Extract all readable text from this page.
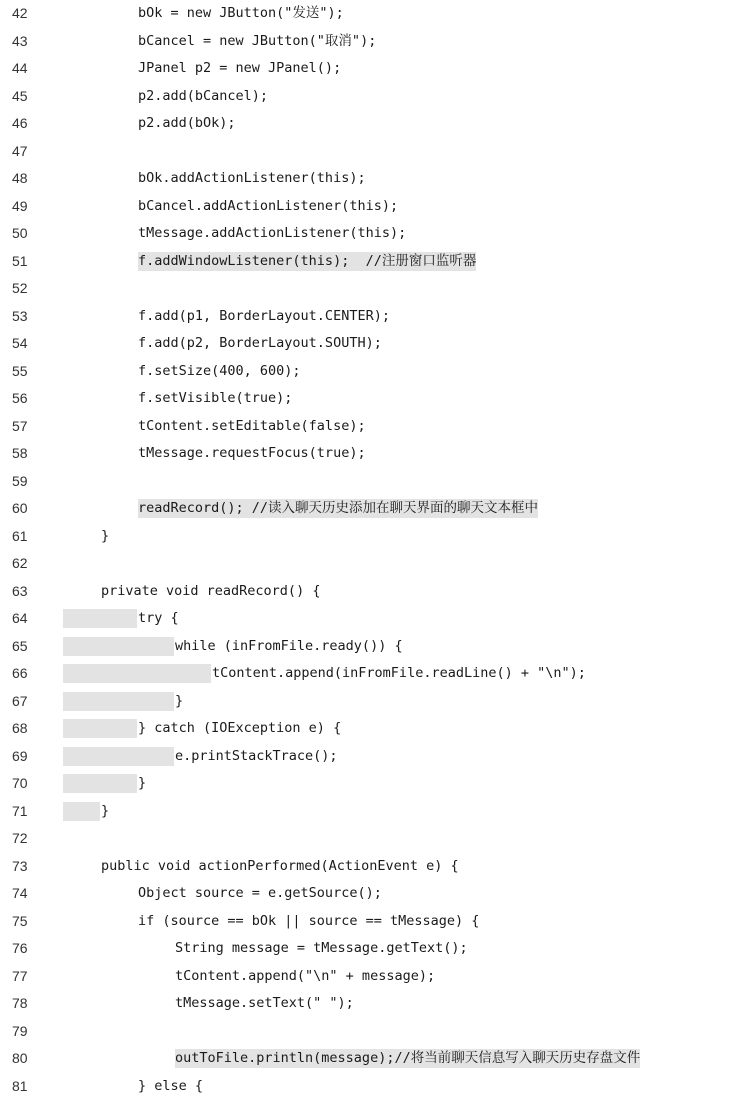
42	bOk = new JButton("发送");
43	bCancel = new JButton("取消");
44	JPanel p2 = new JPanel();
45	p2.add(bCancel);
46	p2.add(bOk);
47
48	bOk.addActionListener(this);
49	bCancel.addActionListener(this);
50	tMessage.addActionListener(this);
51	f.addWindowListener(this);  //注册窗口监听器
52
53	f.add(p1, BorderLayout.CENTER);
54	f.add(p2, BorderLayout.SOUTH);
55	f.setSize(400, 600);
56	f.setVisible(true);
57	tContent.setEditable(false);
58	tMessage.requestFocus(true);
59
60	readRecord(); //读入聊天历史添加在聊天界面的聊天文本框中
61	}
62
63	private void readRecord() {
64	try {
65	while (inFromFile.ready()) {
66	tContent.append(inFromFile.readLine() + "\n");
67	}
68	} catch (IOException e) {
69	e.printStackTrace();
70	}
71	}
72
73	public void actionPerformed(ActionEvent e) {
74	Object source = e.getSource();
75	if (source == bOk || source == tMessage) {
76	String message = tMessage.getText();
77	tContent.append("\n" + message);
78	tMessage.setText(" ");
79
80	outToFile.println(message);//将当前聊天信息写入聊天历史存盘文件
81	} else {
